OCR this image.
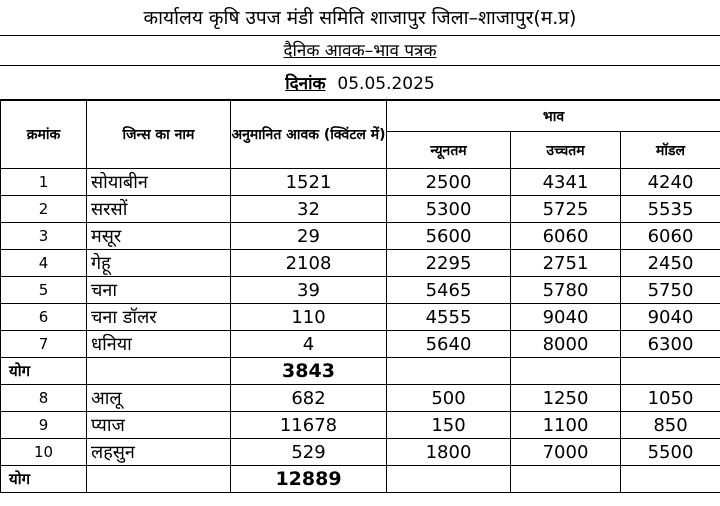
कार्यालय कृषि उपज मंडी समिति शाजापुर जिला–शाजापुर(म.प्र)
दैनिक आवक–भाव पत्रक
दिनांक 05.05.2025
क्रमांक	जिन्स का नाम	अनुमानित आवक (क्विंटल में)	भाव		
			न्यूनतम	उच्चतम	मॉडल
1	सोयाबीन	1521	2500	4341	4240
2	सरसों	32	5300	5725	5535
3	मसूर	29	5600	6060	6060
4	गेहू	2108	2295	2751	2450
5	चना	39	5465	5780	5750
6	चना डॉलर	110	4555	9040	9040
7	धनिया	4	5640	8000	6300
योग		3843			
8	आलू	682	500	1250	1050
9	प्याज	11678	150	1100	850
10	लहसुन	529	1800	7000	5500
योग		12889			
